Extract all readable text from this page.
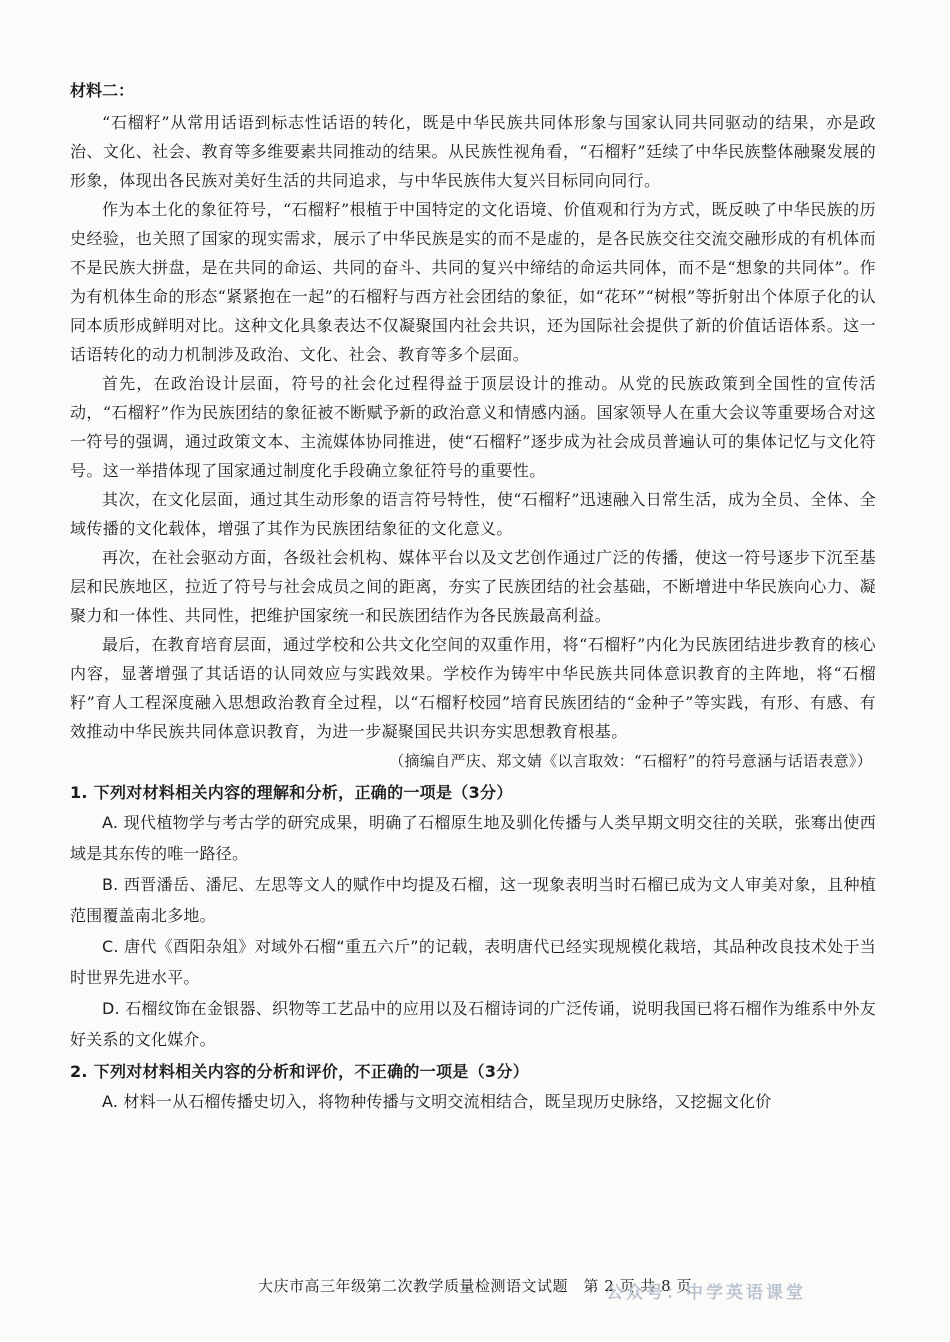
材料二：

“石榴籽”从常用话语到标志性话语的转化，既是中华民族共同体形象与国家认同共同驱动的结果，亦是政治、文化、社会、教育等多维要素共同推动的结果。从民族性视角看，“石榴籽”廷续了中华民族整体融聚发展的形象，体现出各民族对美好生活的共同追求，与中华民族伟大复兴目标同向同行。

作为本土化的象征符号，“石榴籽”根植于中国特定的文化语境、价值观和行为方式，既反映了中华民族的历史经验，也关照了国家的现实需求，展示了中华民族是实的而不是虚的，是各民族交往交流交融形成的有机体而不是民族大拼盘，是在共同的命运、共同的奋斗、共同的复兴中缔结的命运共同体，而不是“想象的共同体”。作为有机体生命的形态“紧紧抱在一起”的石榴籽与西方社会团结的象征，如“花环”“树根”等折射出个体原子化的认同本质形成鲜明对比。这种文化具象表达不仅凝聚国内社会共识，还为国际社会提供了新的价值话语体系。这一话语转化的动力机制涉及政治、文化、社会、教育等多个层面。

首先，在政治设计层面，符号的社会化过程得益于顶层设计的推动。从党的民族政策到全国性的宣传活动，“石榴籽”作为民族团结的象征被不断赋予新的政治意义和情感内涵。国家领导人在重大会议等重要场合对这一符号的强调，通过政策文本、主流媒体协同推进，使“石榴籽”逐步成为社会成员普遍认可的集体记忆与文化符号。这一举措体现了国家通过制度化手段确立象征符号的重要性。

其次，在文化层面，通过其生动形象的语言符号特性，使“石榴籽”迅速融入日常生活，成为全员、全体、全域传播的文化载体，增强了其作为民族团结象征的文化意义。

再次，在社会驱动方面，各级社会机构、媒体平台以及文艺创作通过广泛的传播，使这一符号逐步下沉至基层和民族地区，拉近了符号与社会成员之间的距离，夯实了民族团结的社会基础，不断增进中华民族向心力、凝聚力和一体性、共同性，把维护国家统一和民族团结作为各民族最高利益。

最后，在教育培育层面，通过学校和公共文化空间的双重作用，将“石榴籽”内化为民族团结进步教育的核心内容，显著增强了其话语的认同效应与实践效果。学校作为铸牢中华民族共同体意识教育的主阵地，将“石榴籽”育人工程深度融入思想政治教育全过程，以“石榴籽校园”培育民族团结的“金种子”等实践，有形、有感、有效推动中华民族共同体意识教育，为进一步凝聚国民共识夯实思想教育根基。

（摘编自严庆、郑文婧《以言取效：“石榴籽”的符号意涵与话语表意》）

1. 下列对材料相关内容的理解和分析，正确的一项是（3分）

A. 现代植物学与考古学的研究成果，明确了石榴原生地及驯化传播与人类早期文明交往的关联，张骞出使西域是其东传的唯一路径。

B. 西晋潘岳、潘尼、左思等文人的赋作中均提及石榴，这一现象表明当时石榴已成为文人审美对象，且种植范围覆盖南北多地。

C. 唐代《酉阳杂俎》对域外石榴“重五六斤”的记载，表明唐代已经实现规模化栽培，其品种改良技术处于当时世界先进水平。

D. 石榴纹饰在金银器、织物等工艺品中的应用以及石榴诗词的广泛传诵，说明我国已将石榴作为维系中外友好关系的文化媒介。

2. 下列对材料相关内容的分析和评价，不正确的一项是（3分）

A. 材料一从石榴传播史切入，将物种传播与文明交流相结合，既呈现历史脉络，又挖掘文化价

大庆市高三年级第二次教学质量检测语文试题　第 2 页 共 8 页
公众号：中学英语课堂
